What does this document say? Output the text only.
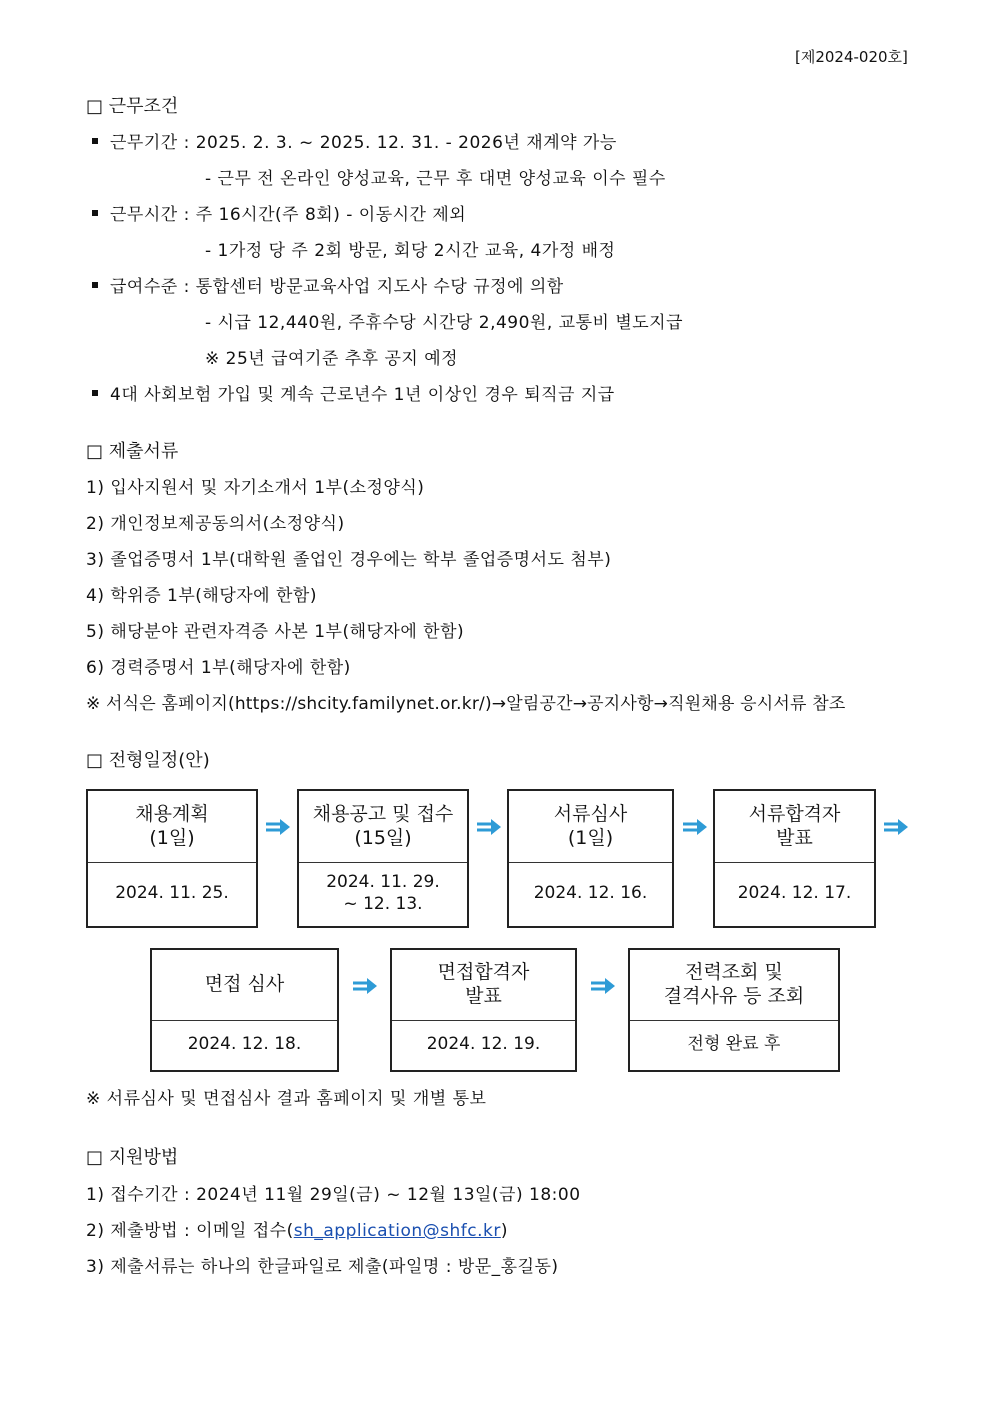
[제2024-020호]
□ 근무조건
근무기간 : 2025. 2. 3. ~ 2025. 12. 31. - 2026년 재계약 가능
- 근무 전 온라인 양성교육, 근무 후 대면 양성교육 이수 필수
근무시간 : 주 16시간(주 8회) - 이동시간 제외
- 1가정 당 주 2회 방문, 회당 2시간 교육, 4가정 배정
급여수준 : 통합센터 방문교육사업 지도사 수당 규정에 의함
- 시급 12,440원, 주휴수당 시간당 2,490원, 교통비 별도지급
※ 25년 급여기준 추후 공지 예정
4대 사회보험 가입 및 계속 근로년수 1년 이상인 경우 퇴직금 지급
□ 제출서류
1) 입사지원서 및 자기소개서 1부(소정양식)
2) 개인정보제공동의서(소정양식)
3) 졸업증명서 1부(대학원 졸업인 경우에는 학부 졸업증명서도 첨부)
4) 학위증 1부(해당자에 한함)
5) 해당분야 관련자격증 사본 1부(해당자에 한함)
6) 경력증명서 1부(해당자에 한함)
※ 서식은 홈페이지(https://shcity.familynet.or.kr/)→알림공간→공지사항→직원채용 응시서류 참조
□ 전형일정(안)
채용계획
(1일)
2024. 11. 25.
채용공고 및 접수
(15일)
2024. 11. 29.
~ 12. 13.
서류심사
(1일)
2024. 12. 16.
서류합격자
발표
2024. 12. 17.
면접 심사
2024. 12. 18.
면접합격자
발표
2024. 12. 19.
전력조회 및
결격사유 등 조회
전형 완료 후
※ 서류심사 및 면접심사 결과 홈페이지 및 개별 통보
□ 지원방법
1) 접수기간 : 2024년 11월 29일(금) ~ 12월 13일(금) 18:00
2) 제출방법 : 이메일 접수(sh_application@shfc.kr)
3) 제출서류는 하나의 한글파일로 제출(파일명 : 방문_홍길동)
